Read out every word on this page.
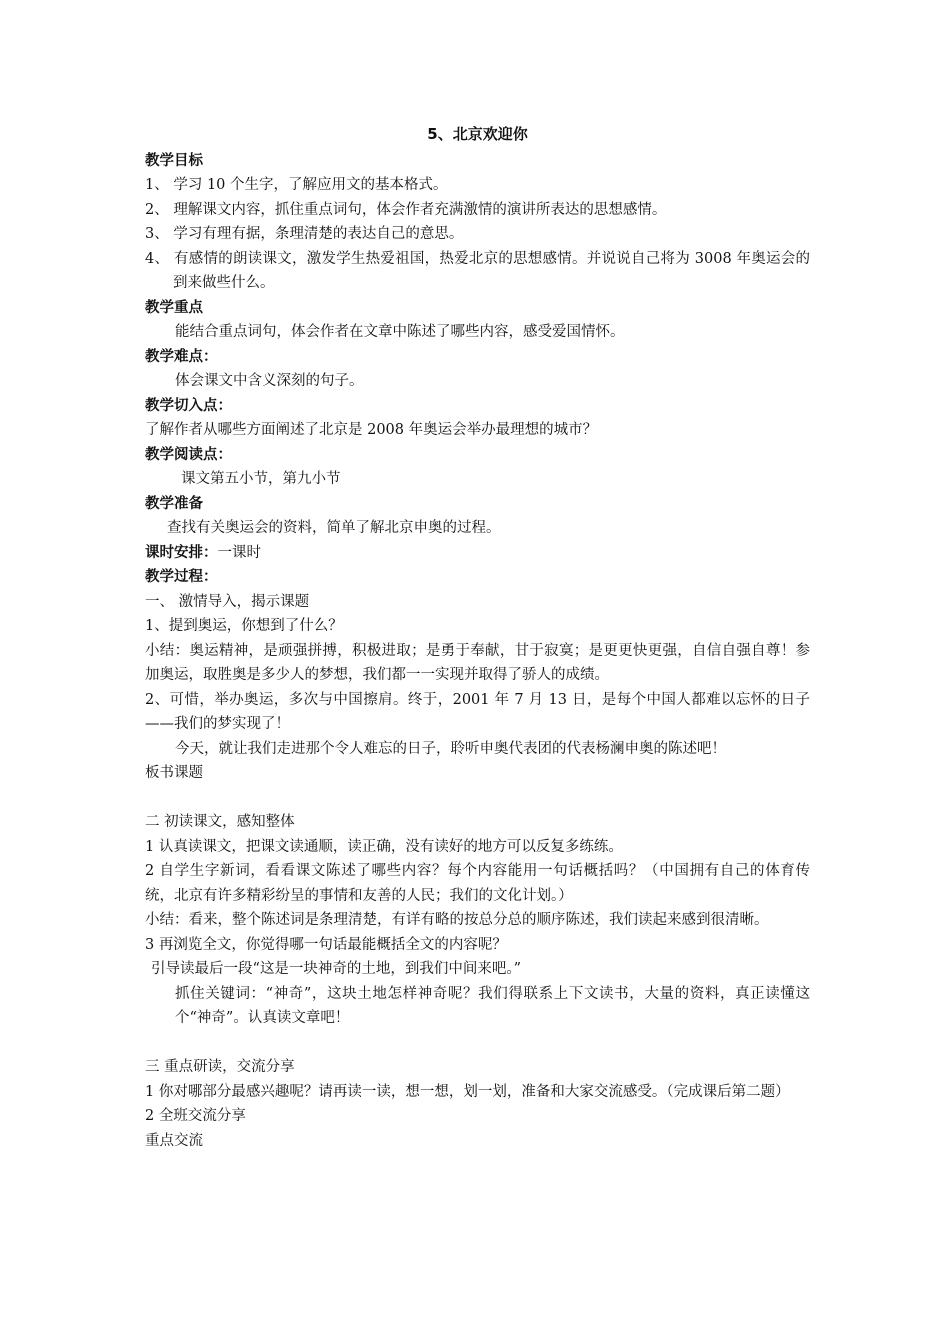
5、北京欢迎你
教学目标
1、 学习 10 个生字，了解应用文的基本格式。
2、 理解课文内容，抓住重点词句，体会作者充满激情的演讲所表达的思想感情。
3、 学习有理有据，条理清楚的表达自己的意思。
4、 有感情的朗读课文，激发学生热爱祖国，热爱北京的思想感情。并说说自己将为 3008 年奥运会的到来做些什么。
教学重点
能结合重点词句，体会作者在文章中陈述了哪些内容，感受爱国情怀。
教学难点：
体会课文中含义深刻的句子。
教学切入点：
了解作者从哪些方面阐述了北京是 2008 年奥运会举办最理想的城市？
教学阅读点：
课文第五小节，第九小节
教学准备
查找有关奥运会的资料，简单了解北京申奥的过程。
课时安排：一课时
教学过程：
一、 激情导入，揭示课题
1、提到奥运，你想到了什么？
小结：奥运精神，是顽强拼搏，积极进取；是勇于奉献，甘于寂寞；是更更快更强，自信自强自尊！参加奥运，取胜奥是多少人的梦想，我们都一一实现并取得了骄人的成绩。
2、可惜，举办奥运，多次与中国擦肩。终于，2001 年 7 月 13 日，是每个中国人都难以忘怀的日子——我们的梦实现了！
今天，就让我们走进那个令人难忘的日子，聆听申奥代表团的代表杨澜申奥的陈述吧！
板书课题
二 初读课文，感知整体
1 认真读课文，把课文读通顺，读正确，没有读好的地方可以反复多练练。
2 自学生字新词，看看课文陈述了哪些内容？每个内容能用一句话概括吗？（中国拥有自己的体育传统，北京有许多精彩纷呈的事情和友善的人民；我们的文化计划。）
小结：看来，整个陈述词是条理清楚，有详有略的按总分总的顺序陈述，我们读起来感到很清晰。
3 再浏览全文，你觉得哪一句话最能概括全文的内容呢？
引导读最后一段“这是一块神奇的土地，到我们中间来吧。”
抓住关键词：“神奇”，这块土地怎样神奇呢？我们得联系上下文读书，大量的资料，真正读懂这个“神奇”。认真读文章吧！
三 重点研读，交流分享
1 你对哪部分最感兴趣呢？请再读一读，想一想，划一划，准备和大家交流感受。（完成课后第二题）
2 全班交流分享
重点交流
